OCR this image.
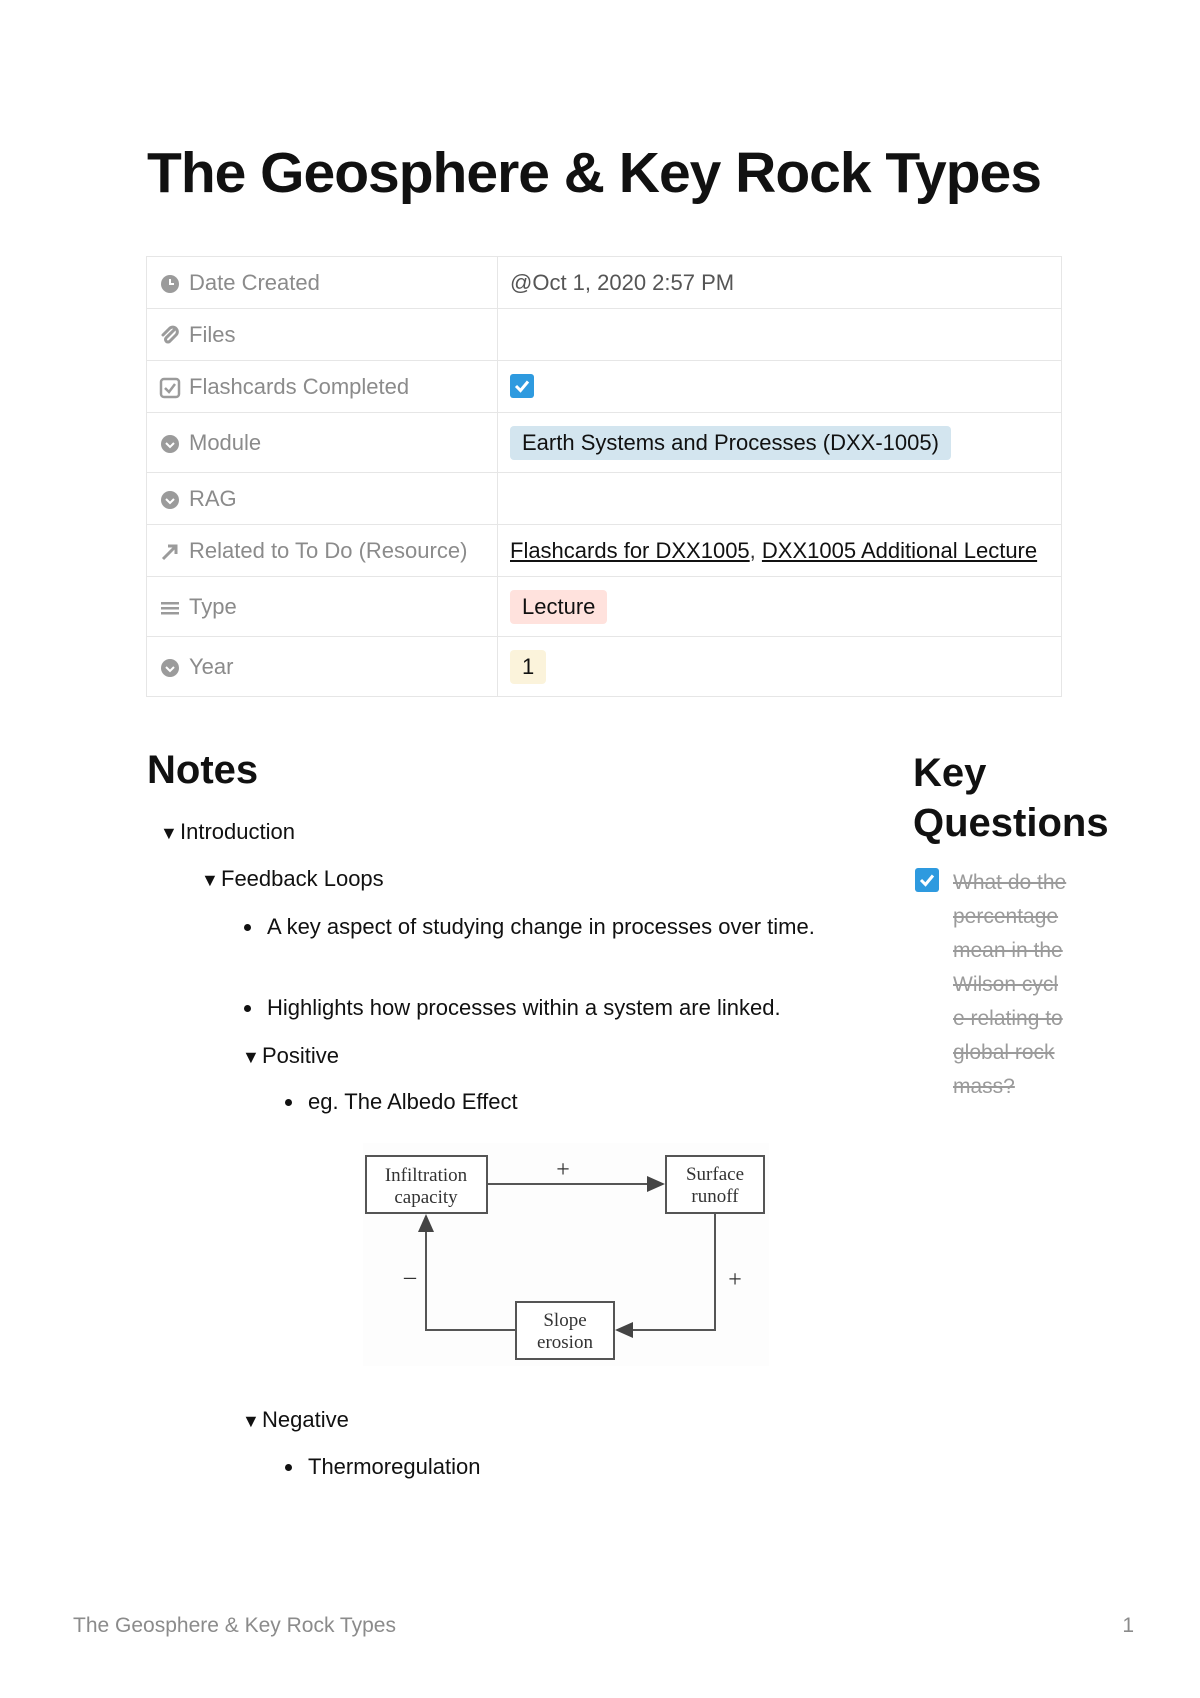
The Geosphere & Key Rock Types
Date Created	@Oct 1, 2020 2:57 PM

Files	

Flashcards Completed	

Module	Earth Systems and Processes (DXX-1005)

RAG	

Related to To Do (Resource)	Flashcards for DXX1005, DXX1005 Additional Lecture

Type	Lecture

Year	1
Notes
▼Introduction
▼Feedback Loops
A key aspect of studying change in processes over time.
Highlights how processes within a system are linked.
▼Positive
eg. The Albedo Effect
Infiltration
capacity
Surface
runoff
Slope
erosion
+
+
–
▼Negative
Thermoregulation
Key
Questions
What do the percentage mean in the Wilson cycle relating to global rock mass?
The Geosphere & Key Rock Types	1
